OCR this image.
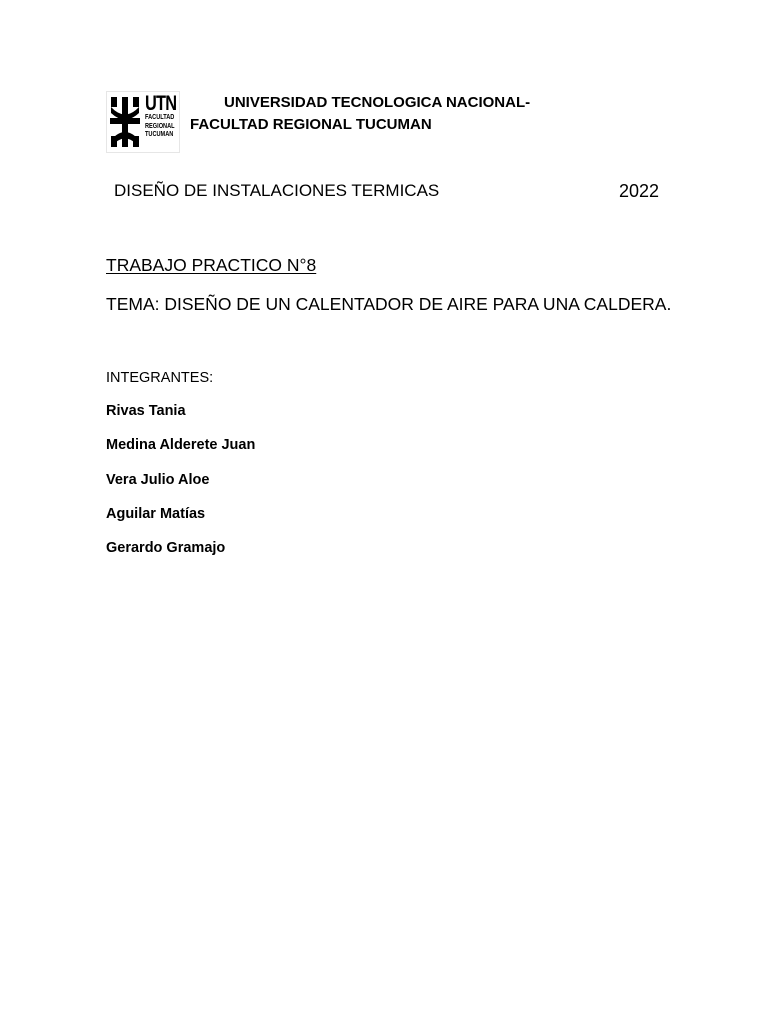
UTN
FACULTAD
REGIONAL
TUCUMAN
UNIVERSIDAD TECNOLOGICA NACIONAL-
FACULTAD REGIONAL TUCUMAN
DISEÑO DE INSTALACIONES TERMICAS	2022
TRABAJO PRACTICO N°8
TEMA: DISEÑO DE UN CALENTADOR DE AIRE PARA UNA CALDERA.
INTEGRANTES:
Rivas Tania
Medina Alderete Juan
Vera Julio Aloe
Aguilar Matías
Gerardo Gramajo
